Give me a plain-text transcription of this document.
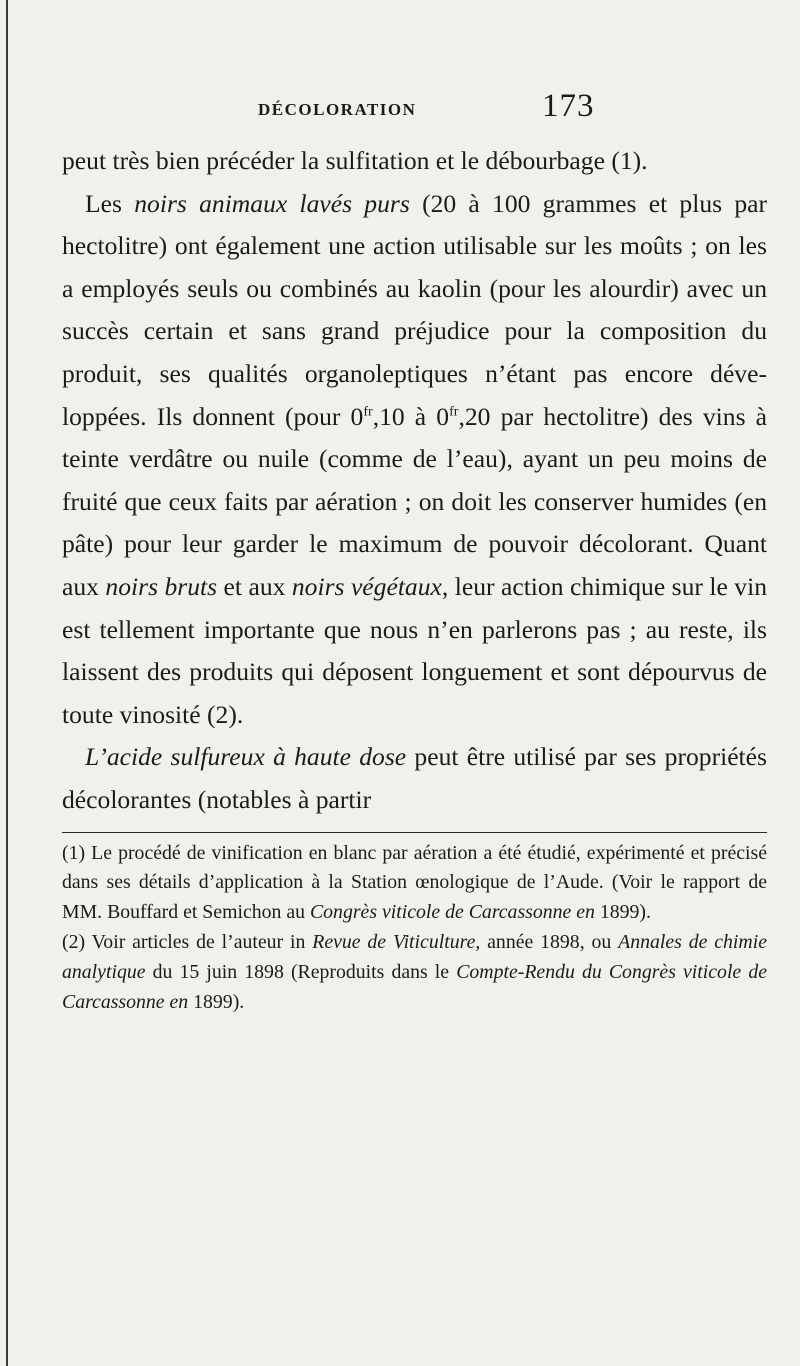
DÉCOLORATION	173

peut très bien précéder la sulfitation et le débourbage (1).

Les noirs animaux lavés purs (20 à 100 grammes et plus par hectolitre) ont également une action utilisable sur les moûts ; on les a employés seuls ou combinés au kaolin (pour les alourdir) avec un succès certain et sans grand préjudice pour la composition du produit, ses qualités organoleptiques n’étant pas encore développées. Ils donnent (pour $0^{fr},10$ à $0^{fr},20$ par hectolitre) des vins à teinte verdâtre ou nuile (comme de l’eau), ayant un peu moins de fruité que ceux faits par aération ; on doit les conserver humides (en pâte) pour leur garder le maximum de pouvoir décolorant. Quant aux noirs bruts et aux noirs végétaux, leur action chimique sur le vin est tellement importante que nous n’en parlerons pas ; au reste, ils laissent des produits qui déposent longuement et sont dépourvus de toute vinosité (2).

L’acide sulfureux à haute dose peut être utilisé par ses propriétés décolorantes (notables à partir

(1) Le procédé de vinification en blanc par aération a été étudié, expérimenté et précisé dans ses détails d’application à la Station œnologique de l’Aude. (Voir le rapport de MM. Bouffard et Semichon au Congrès viticole de Carcassonne en 1899).

(2) Voir articles de l’auteur in Revue de Viticulture, année 1898, ou Annales de chimie analytique du 15 juin 1898 (Reproduits dans le Compte-Rendu du Congrès viticole de Carcassonne en 1899).
